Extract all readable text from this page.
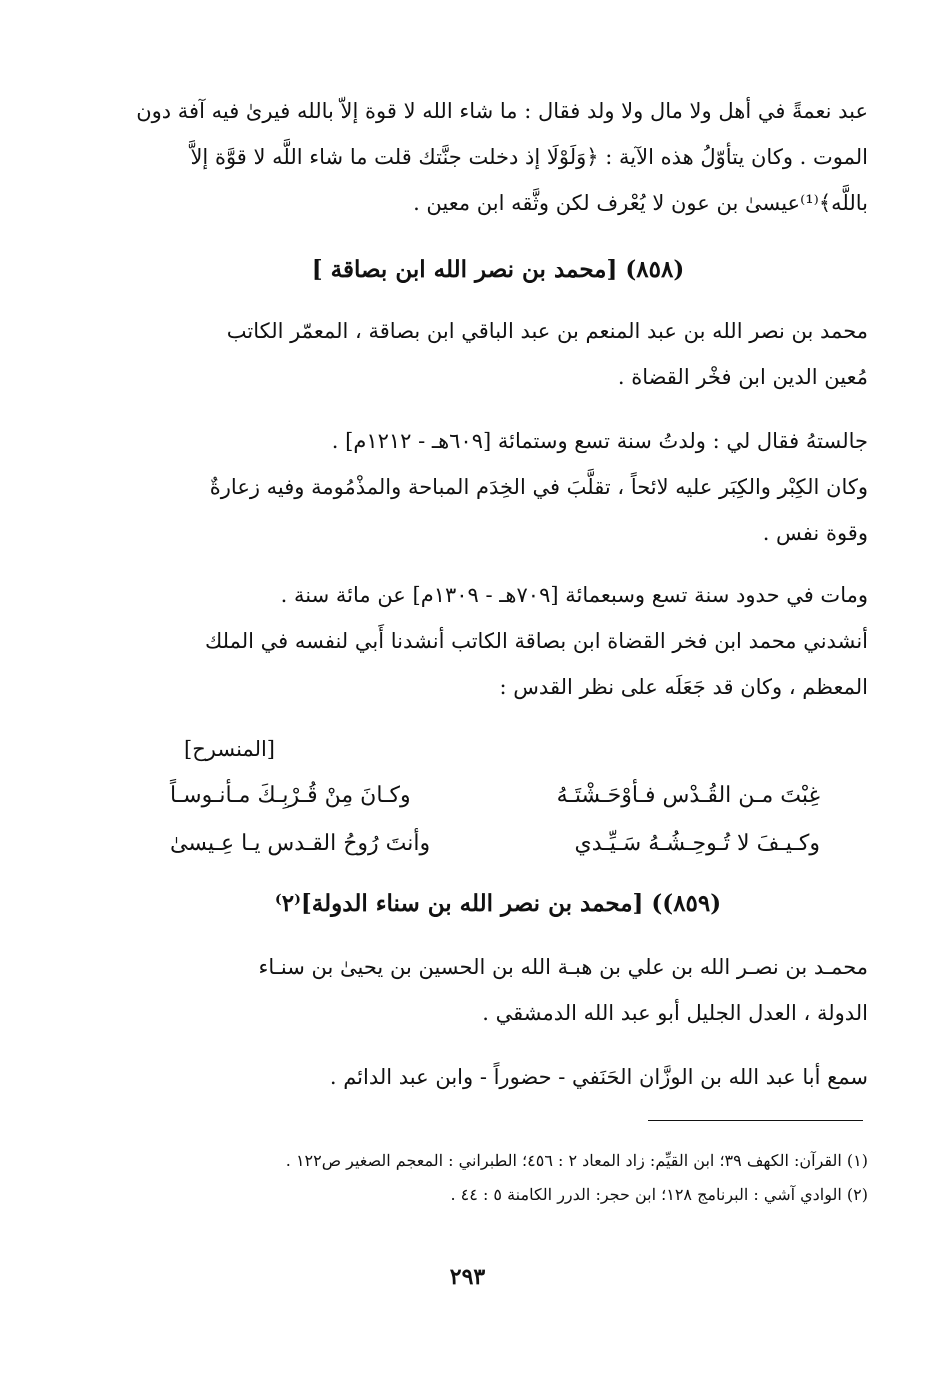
عبد نعمةً في أهل ولا مال ولا ولد فقال : ما شاء الله لا قوة إلاّ بالله فيرىٰ فيه آفة دون
الموت . وكان يتأوّلُ هذه الآية : ﴿وَلَوْلَا إذ دخلت جنَّتك قلت ما شاء اللَّه لا قوَّة إلاَّ
باللَّه﴾⁽¹⁾عيسىٰ بن عون لا يُعْرف لكن وثَّقه ابن معين .
(٨٥٨) [محمد بن نصر الله ابن بصاقة ]
محمد بن نصر الله بن عبد المنعم بن عبد الباقي ابن بصاقة ، المعمّر الكاتب
مُعين الدين ابن فخْر القضاة .
جالستهُ فقال لي : ولدتُ سنة تسع وستمائة [٦٠٩هـ - ١٢١٢م] .
وكان الكِبْر والكِبَر عليه لائحاً ، تقلَّبَ في الخِدَم المباحة والمذْمُومة وفيه زعارةٌ
وقوة نفس .
ومات في حدود سنة تسع وسبعمائة [٧٠٩هـ - ١٣٠٩م] عن مائة سنة .
أنشدني محمد ابن فخر القضاة ابن بصاقة الكاتب أنشدنا أَبي لنفسه في الملك
المعظم ، وكان قد جَعَلَه على نظر القدس :
[المنسرح]
غِبْتَ مـن القُـدْس فـأوْحَـشْتَـهُ
وكـانَ مِنْ قُـرْبِـكَ مـأنـوسـاً
وكـيـفَ لا تُـوحِـشُـهُ سَـيِّـدي
وأنتَ رُوحُ القـدس يـا عِـيسىٰ
(٨٥٩)) [محمد بن نصر الله بن سناء الدولة]⁽٢⁾
محمـد بن نصـر الله بن علي بن هبـة الله بن الحسين بن يحيىٰ بن سنـاء
الدولة ، العدل الجليل أبو عبد الله الدمشقي .
سمع أبا عبد الله بن الوزَّان الحَنَفي - حضوراً - وابن عبد الدائم .
(١) القرآن: الكهف ٣٩؛ ابن القيِّم: زاد المعاد ٢ : ٤٥٦؛ الطبراني : المعجم الصغير ص١٢٢ .
(٢) الوادي آشي : البرنامج ١٢٨؛ ابن حجر: الدرر الكامنة ٥ : ٤٤ .
٢٩٣
